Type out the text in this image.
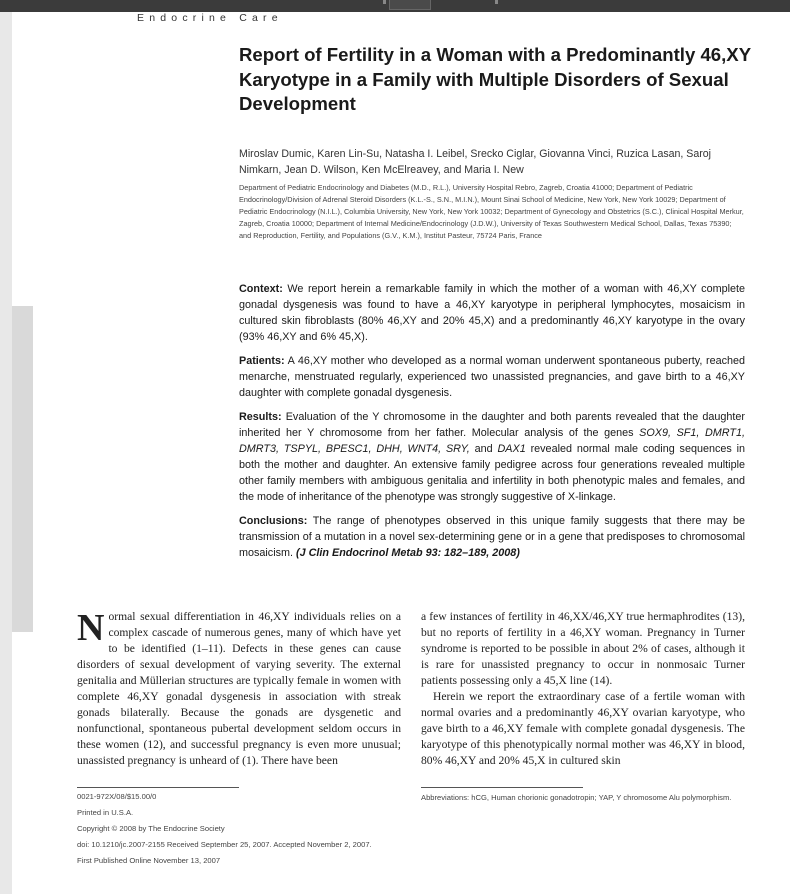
Endocrine Care
Report of Fertility in a Woman with a Predominantly 46,XY Karyotype in a Family with Multiple Disorders of Sexual Development
Miroslav Dumic, Karen Lin-Su, Natasha I. Leibel, Srecko Ciglar, Giovanna Vinci, Ruzica Lasan, Saroj Nimkarn, Jean D. Wilson, Ken McElreavey, and Maria I. New
Department of Pediatric Endocrinology and Diabetes (M.D., R.L.), University Hospital Rebro, Zagreb, Croatia 41000; Department of Pediatric Endocrinology/Division of Adrenal Steroid Disorders (K.L.-S., S.N., M.I.N.), Mount Sinai School of Medicine, New York, New York 10029; Department of Pediatric Endocrinology (N.I.L.), Columbia University, New York, New York 10032; Department of Gynecology and Obstetrics (S.C.), Clinical Hospital Merkur, Zagreb, Croatia 10000; Department of Internal Medicine/Endocrinology (J.D.W.), University of Texas Southwestern Medical School, Dallas, Texas 75390; and Reproduction, Fertility, and Populations (G.V., K.M.), Institut Pasteur, 75724 Paris, France

Context: We report herein a remarkable family in which the mother of a woman with 46,XY complete gonadal dysgenesis was found to have a 46,XY karyotype in peripheral lymphocytes, mosaicism in cultured skin fibroblasts (80% 46,XY and 20% 45,X) and a predominantly 46,XY karyotype in the ovary (93% 46,XY and 6% 45,X).

Patients: A 46,XY mother who developed as a normal woman underwent spontaneous puberty, reached menarche, menstruated regularly, experienced two unassisted pregnancies, and gave birth to a 46,XY daughter with complete gonadal dysgenesis.

Results: Evaluation of the Y chromosome in the daughter and both parents revealed that the daughter inherited her Y chromosome from her father. Molecular analysis of the genes SOX9, SF1, DMRT1, DMRT3, TSPYL, BPESC1, DHH, WNT4, SRY, and DAX1 revealed normal male coding sequences in both the mother and daughter. An extensive family pedigree across four generations revealed multiple other family members with ambiguous genitalia and infertility in both phenotypic males and females, and the mode of inheritance of the phenotype was strongly suggestive of X-linkage.

Conclusions: The range of phenotypes observed in this unique family suggests that there may be transmission of a mutation in a novel sex-determining gene or in a gene that predisposes to chromosomal mosaicism. (J Clin Endocrinol Metab 93: 182–189, 2008)

Normal sexual differentiation in 46,XY individuals relies on a complex cascade of numerous genes, many of which have yet to be identified (1–11). Defects in these genes can cause disorders of sexual development of varying severity. The external genitalia and Müllerian structures are typically female in women with complete 46,XY gonadal dysgenesis in association with streak gonads bilaterally. Because the gonads are dysgenetic and nonfunctional, spontaneous pubertal development seldom occurs in these women (12), and successful pregnancy is even more unusual; unassisted pregnancy is unheard of (1). There have been

a few instances of fertility in 46,XX/46,XY true hermaphrodites (13), but no reports of fertility in a 46,XY woman. Pregnancy in Turner syndrome is reported to be possible in about 2% of cases, although it is rare for unassisted pregnancy to occur in nonmosaic Turner patients possessing only a 45,X line (14).

Herein we report the extraordinary case of a fertile woman with normal ovaries and a predominantly 46,XY ovarian karyotype, who gave birth to a 46,XY female with complete gonadal dysgenesis. The karyotype of this phenotypically normal mother was 46,XY in blood, 80% 46,XY and 20% 45,X in cultured skin

0021-972X/08/$15.00/0
Printed in U.S.A.
Copyright © 2008 by The Endocrine Society
doi: 10.1210/jc.2007-2155 Received September 25, 2007. Accepted November 2, 2007.
First Published Online November 13, 2007
Abbreviations: hCG, Human chorionic gonadotropin; YAP, Y chromosome Alu polymorphism.
